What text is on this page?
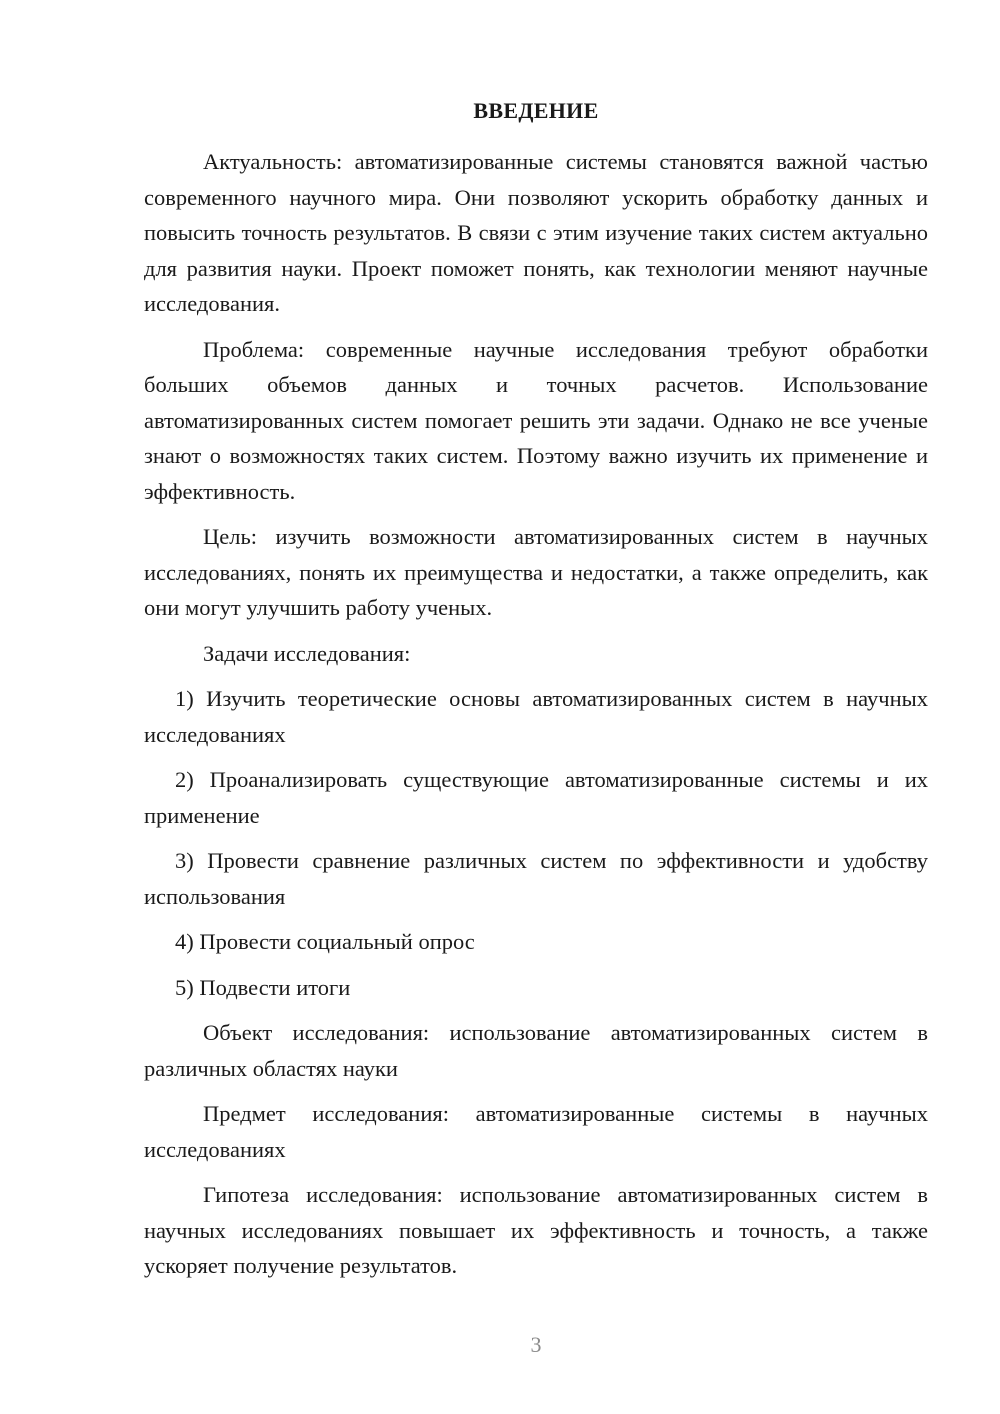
ВВЕДЕНИЕ

Актуальность: автоматизированные системы становятся важной частью современного научного мира. Они позволяют ускорить обработку данных и повысить точность результатов. В связи с этим изучение таких систем актуально для развития науки. Проект поможет понять, как технологии меняют научные исследования.

Проблема: современные научные исследования требуют обработки больших объемов данных и точных расчетов. Использование автоматизированных систем помогает решить эти задачи. Однако не все ученые знают о возможностях таких систем. Поэтому важно изучить их применение и эффективность.

Цель: изучить возможности автоматизированных систем в научных исследованиях, понять их преимущества и недостатки, а также определить, как они могут улучшить работу ученых.

Задачи исследования:

1) Изучить теоретические основы автоматизированных систем в научных исследованиях

2) Проанализировать существующие автоматизированные системы и их применение

3) Провести сравнение различных систем по эффективности и удобству использования

4) Провести социальный опрос

5) Подвести итоги

Объект исследования: использование автоматизированных систем в различных областях науки

Предмет исследования: автоматизированные системы в научных исследованиях

Гипотеза исследования: использование автоматизированных систем в научных исследованиях повышает их эффективность и точность, а также ускоряет получение результатов.

3
